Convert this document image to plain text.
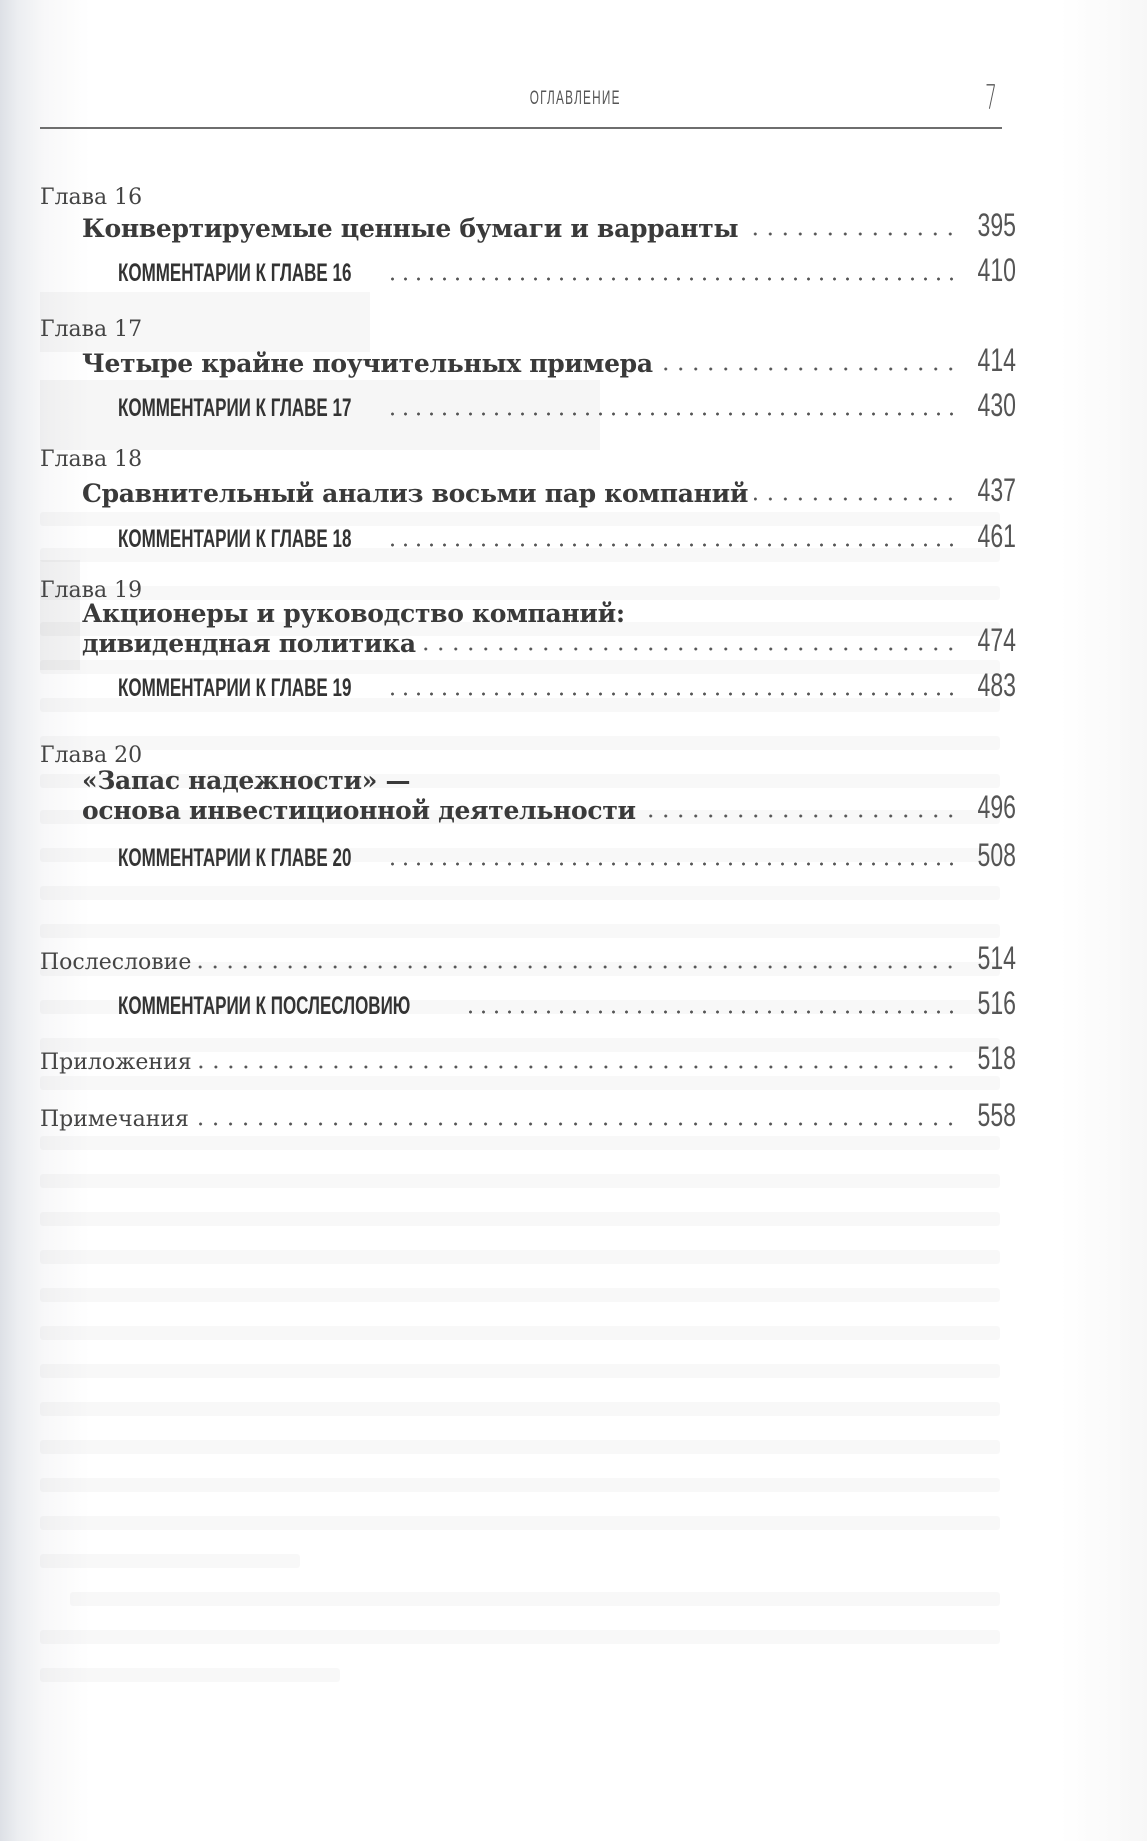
ОГЛАВЛЕНИЕ	7
Глава 16
Конвертируемые ценные бумаги и варранты	395
КОММЕНТАРИИ К ГЛАВЕ 16	410
Глава 17
Четыре крайне поучительных примера	414
КОММЕНТАРИИ К ГЛАВЕ 17	430
Глава 18
Сравнительный анализ восьми пар компаний	437
КОММЕНТАРИИ К ГЛАВЕ 18	461
Глава 19
Акционеры и руководство компаний:
дивидендная политика	474
КОММЕНТАРИИ К ГЛАВЕ 19	483
Глава 20
«Запас надежности» —
основа инвестиционной деятельности	496
КОММЕНТАРИИ К ГЛАВЕ 20	508
Послесловие	514
КОММЕНТАРИИ К ПОСЛЕСЛОВИЮ	516
Приложения	518
Примечания	558
